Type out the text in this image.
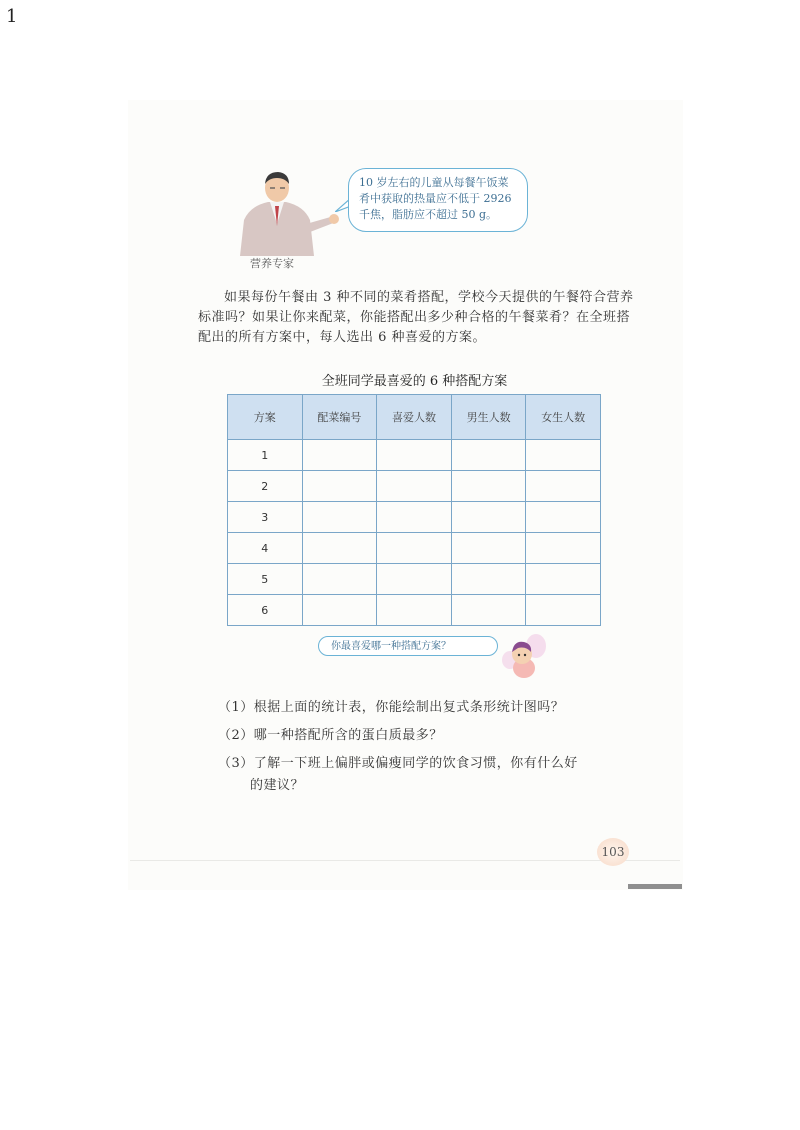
1
10 岁左右的儿童从每餐午饭菜
肴中获取的热量应不低于 2926
千焦，脂肪应不超过 50 g。
营养专家
如果每份午餐由 3 种不同的菜肴搭配，学校今天提供的午餐符合营养标准吗？如果让你来配菜，你能搭配出多少种合格的午餐菜肴？在全班搭配出的所有方案中，每人选出 6 种喜爱的方案。
全班同学最喜爱的 6 种搭配方案
方案	配菜编号	喜爱人数	男生人数	女生人数
1				
2				
3				
4				
5				
6				
你最喜爱哪一种搭配方案？
（1）根据上面的统计表，你能绘制出复式条形统计图吗？
（2）哪一种搭配所含的蛋白质最多？
（3）了解一下班上偏胖或偏瘦同学的饮食习惯，你有什么好
的建议？
103
